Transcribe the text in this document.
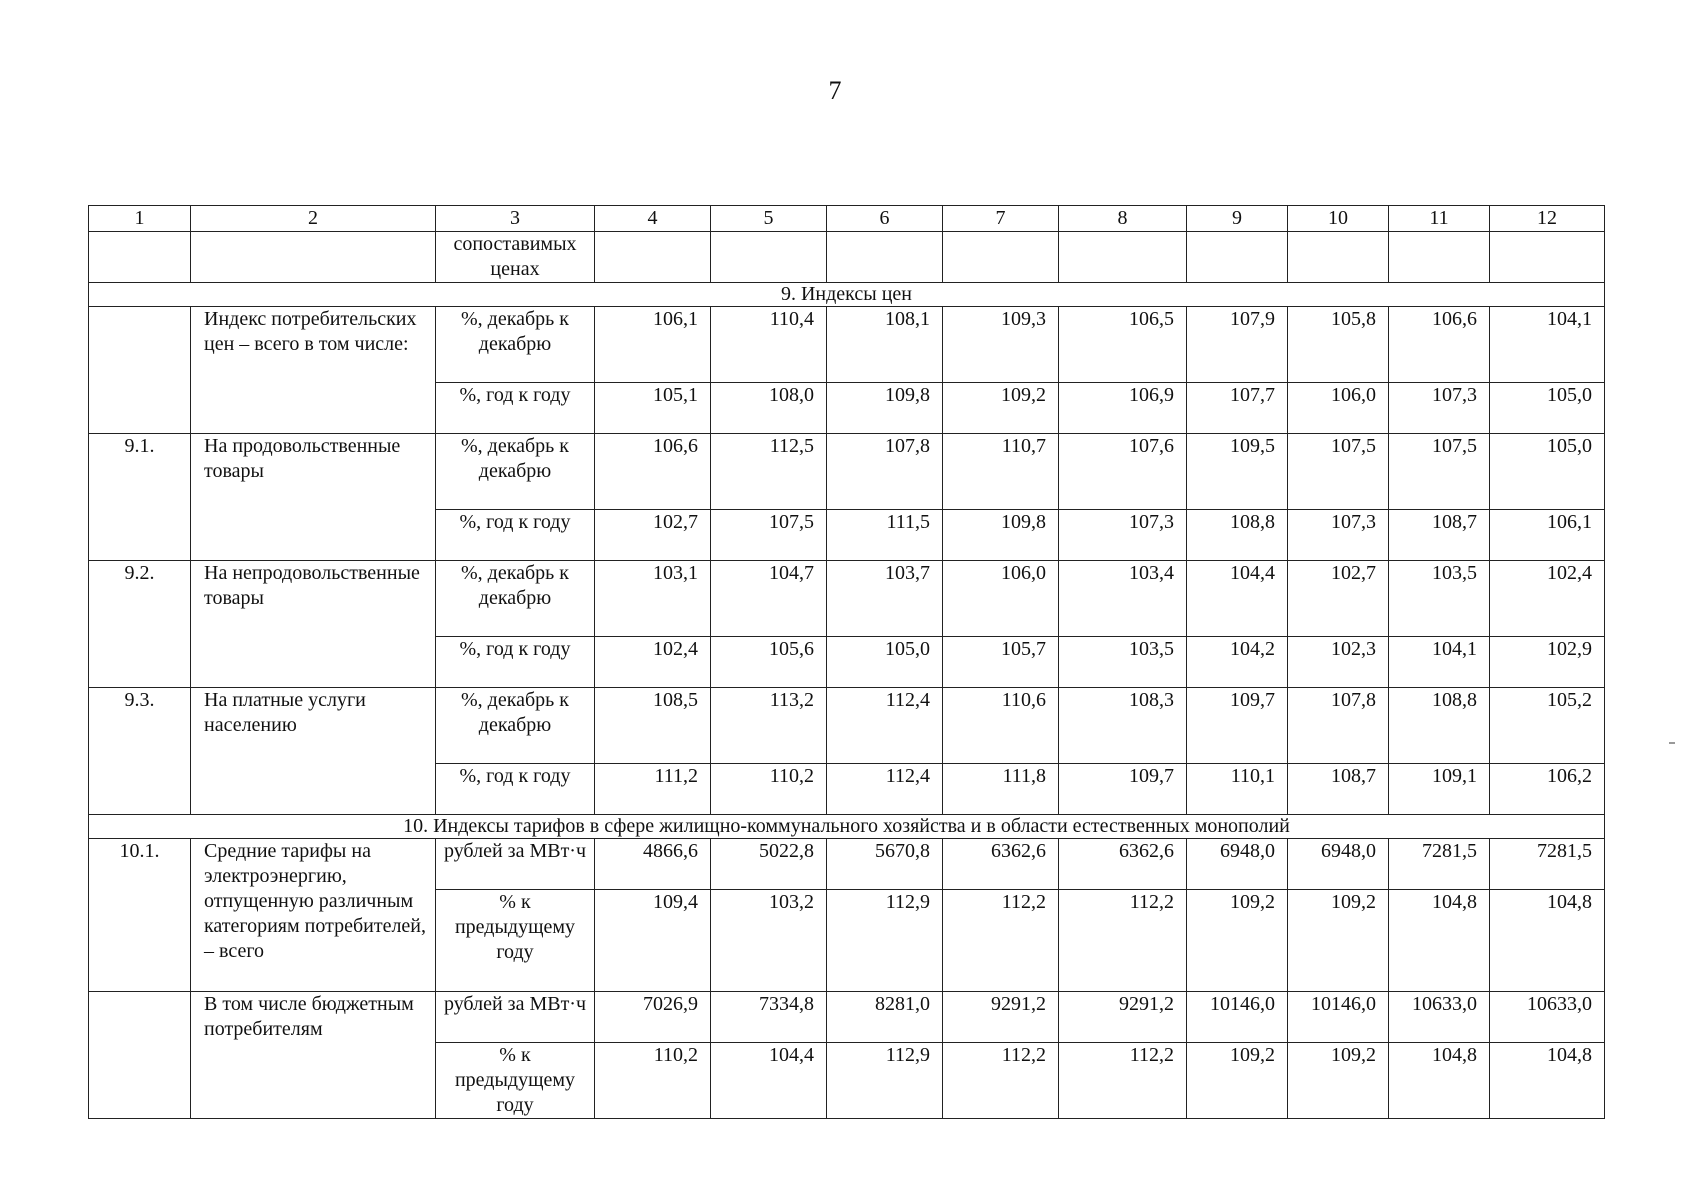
7
1	2	3	4	5	6	7	8	9	10	11	12
		сопоставимых ценах									
9. Индексы цен											
	Индекс потребительских цен – всего в том числе:	%, декабрь к декабрю	106,1	110,4	108,1	109,3	106,5	107,9	105,8	106,6	104,1
		%, год к году	105,1	108,0	109,8	109,2	106,9	107,7	106,0	107,3	105,0
9.1.	На продовольственные товары	%, декабрь к декабрю	106,6	112,5	107,8	110,7	107,6	109,5	107,5	107,5	105,0
		%, год к году	102,7	107,5	111,5	109,8	107,3	108,8	107,3	108,7	106,1
9.2.	На непродовольственные товары	%, декабрь к декабрю	103,1	104,7	103,7	106,0	103,4	104,4	102,7	103,5	102,4
		%, год к году	102,4	105,6	105,0	105,7	103,5	104,2	102,3	104,1	102,9
9.3.	На платные услуги населению	%, декабрь к декабрю	108,5	113,2	112,4	110,6	108,3	109,7	107,8	108,8	105,2
		%, год к году	111,2	110,2	112,4	111,8	109,7	110,1	108,7	109,1	106,2
10. Индексы тарифов в сфере жилищно-коммунального хозяйства и в области естественных монополий											
10.1.	Средние тарифы на электроэнергию, отпущенную различным категориям потребителей, – всего	рублей за МВт·ч	4866,6	5022,8	5670,8	6362,6	6362,6	6948,0	6948,0	7281,5	7281,5
		% к предыдущему году	109,4	103,2	112,9	112,2	112,2	109,2	109,2	104,8	104,8
	В том числе бюджетным потребителям	рублей за МВт·ч	7026,9	7334,8	8281,0	9291,2	9291,2	10146,0	10146,0	10633,0	10633,0
		% к предыдущему году	110,2	104,4	112,9	112,2	112,2	109,2	109,2	104,8	104,8
